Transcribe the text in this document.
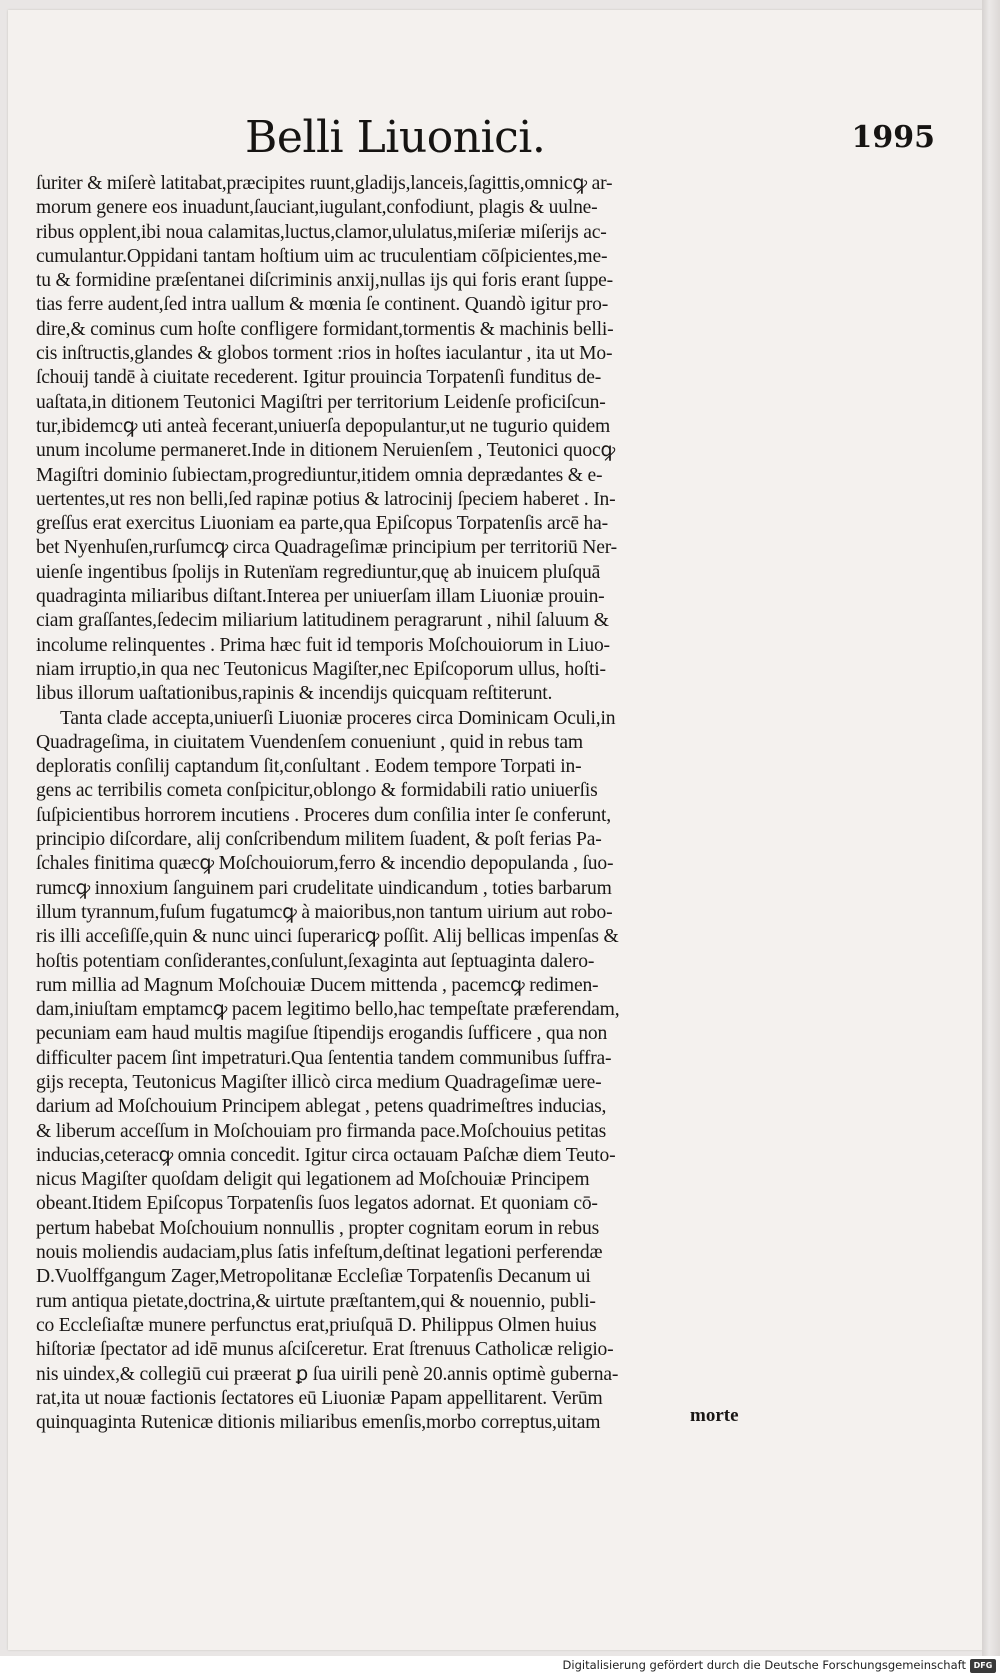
Belli Liuonici.	1995
ſuriter & miſerè latitabat,præcipites ruunt,gladijs,lanceis,ſagittis,omnicꝙ ar-
morum genere eos inuadunt,ſauciant,iugulant,confodiunt, plagis & uulne-
ribus opplent,ibi noua calamitas,luctus,clamor,ululatus,miſeriæ miſerijs ac-
cumulantur.Oppidani tantam hoſtium uim ac truculentiam cōſpicientes,me-
tu & formidine præſentanei diſcriminis anxij,nullas ijs qui foris erant ſuppe-
tias ferre audent,ſed intra uallum & mœnia ſe continent. Quandò igitur pro-
dire,& cominus cum hoſte confligere formidant,tormentis & machinis belli-
cis inſtructis,glandes & globos torment :rios in hoſtes iaculantur , ita ut Mo-
ſchouij tandē à ciuitate recederent. Igitur prouincia Torpatenſi funditus de-
uaſtata,in ditionem Teutonici Magiſtri per territorium Leidenſe proficiſcun-
tur,ibidemcꝙ uti anteà fecerant,uniuerſa depopulantur,ut ne tugurio quidem
unum incolume permaneret.Inde in ditionem Neruienſem , Teutonici quocꝙ
Magiſtri dominio ſubiectam,progrediuntur,itidem omnia deprædantes & e-
uertentes,ut res non belli,ſed rapinæ potius & latrocinij ſpeciem haberet . In-
greſſus erat exercitus Liuoniam ea parte,qua Epiſcopus Torpatenſis arcē ha-
bet Nyenhuſen,rurſumcꝙ circa Quadrageſimæ principium per territoriū Ner-
uienſe ingentibus ſpolijs in Rutenïam regrediuntur,quę ab inuicem pluſquā
quadraginta miliaribus diſtant.Interea per uniuerſam illam Liuoniæ prouin-
ciam graſſantes,ſedecim miliarium latitudinem peragrarunt , nihil ſaluum &
incolume relinquentes . Prima hæc fuit id temporis Moſchouiorum in Liuo-
niam irruptio,in qua nec Teutonicus Magiſter,nec Epiſcoporum ullus, hoſti-
libus illorum uaſtationibus,rapinis & incendijs quicquam reſtiterunt.
Tanta clade accepta,uniuerſi Liuoniæ proceres circa Dominicam Oculi,in
Quadrageſima, in ciuitatem Vuendenſem conueniunt , quid in rebus tam
deploratis conſilij captandum ſit,conſultant . Eodem tempore Torpati in-
gens ac terribilis cometa conſpicitur,oblongo & formidabili ratio uniuerſis
ſuſpicientibus horrorem incutiens . Proceres dum conſilia inter ſe conferunt,
principio diſcordare, alij conſcribendum militem ſuadent, & poſt ferias Pa-
ſchales finitima quæcꝙ Moſchouiorum,ferro & incendio depopulanda , ſuo-
rumcꝙ innoxium ſanguinem pari crudelitate uindicandum , toties barbarum
illum tyrannum,fuſum fugatumcꝙ à maioribus,non tantum uirium aut robo-
ris illi acceſiſſe,quin & nunc uinci ſuperaricꝙ poſſit. Alij bellicas impenſas &
hoſtis potentiam conſiderantes,conſulunt,ſexaginta aut ſeptuaginta dalero-
rum millia ad Magnum Moſchouiæ Ducem mittenda , pacemcꝙ redimen-
dam,iniuſtam emptamcꝙ pacem legitimo bello,hac tempeſtate præferendam,
pecuniam eam haud multis magiſue ſtipendijs erogandis ſufficere , qua non
difficulter pacem ſint impetraturi.Qua ſententia tandem communibus ſuffra-
gijs recepta, Teutonicus Magiſter illicò circa medium Quadrageſimæ uere-
darium ad Moſchouium Principem ablegat , petens quadrimeſtres inducias,
& liberum acceſſum in Moſchouiam pro firmanda pace.Moſchouius petitas
inducias,ceteracꝙ omnia concedit. Igitur circa octauam Paſchæ diem Teuto-
nicus Magiſter quoſdam deligit qui legationem ad Moſchouiæ Principem
obeant.Itidem Epiſcopus Torpatenſis ſuos legatos adornat. Et quoniam cō-
pertum habebat Moſchouium nonnullis , propter cognitam eorum in rebus
nouis moliendis audaciam,plus ſatis infeſtum,deſtinat legationi perferendæ
D.Vuolffgangum Zager,Metropolitanæ Eccleſiæ Torpatenſis Decanum ui
rum antiqua pietate,doctrina,& uirtute præſtantem,qui & nouennio, publi-
co Eccleſiaſtæ munere perfunctus erat,priuſquā D. Philippus Olmen huius
hiſtoriæ ſpectator ad idē munus aſciſceretur. Erat ſtrenuus Catholicæ religio-
nis uindex,& collegiū cui præerat ꝑ ſua uirili penè 20.annis optimè guberna-
rat,ita ut nouæ factionis ſectatores eū Liuoniæ Papam appellitarent. Verūm
quinquaginta Rutenicæ ditionis miliaribus emenſis,morbo correptus,uitam	morte
Digitalisierung gefördert durch die Deutsche Forschungsgemeinschaft DFG
